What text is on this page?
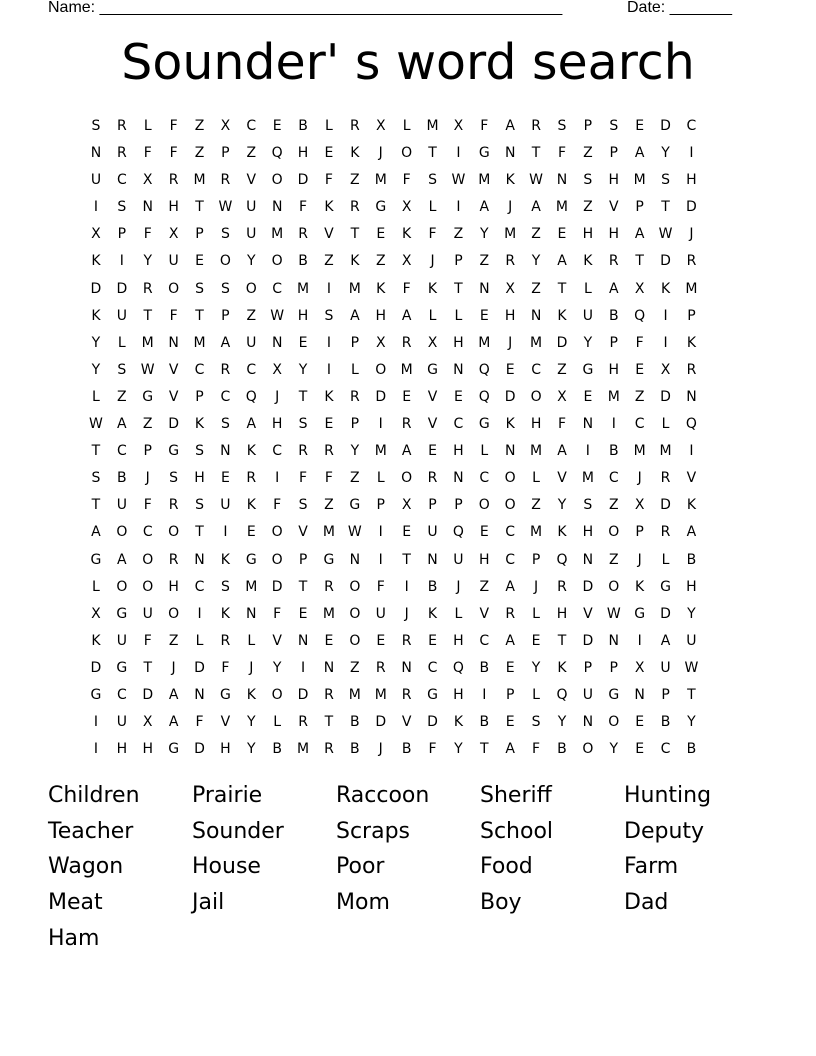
Name: ____________________________________________________	Date: _______
Sounder' s word search
S	R	L	F	Z	X	C	E	B	L	R	X	L	M	X	F	A	R	S	P	S	E	D	C
N	R	F	F	Z	P	Z	Q	H	E	K	J	O	T	I	G	N	T	F	Z	P	A	Y	I
U	C	X	R	M	R	V	O	D	F	Z	M	F	S	W M	K	W N	S	H	M	S	H
I	S	N	H	T	W U	N	F	K	R	G	X	L	I	A	J	A	M	Z	V	P	T	D
X	P	F	X	P	S	U	M	R	V	T	E	K	F	Z	Y	M	Z	E	H	H	A	W	J
K	I	Y	U	E	O	Y	O	B	Z	K	Z	X	J	P	Z	R	Y	A	K	R	T	D	R
D	D	R	O	S	S	O	C	M	I	M	K	F	K	T	N	X	Z	T	L	A	X	K	M
K	U	T	F	T	P	Z	W H	S	A	H	A	L	L	E	H	N	K	U	B	Q	I	P
Y	L	M	N	M	A	U	N	E	I	P	X	R	X	H	M	J	M	D	Y	P	F	I	K
Y	S	W	V	C	R	C	X	Y	I	L	O	M	G	N	Q	E	C	Z	G	H	E	X	R
L	Z	G	V	P	C	Q	J	T	K	R	D	E	V	E	Q	D	O	X	E	M	Z	D	N
W	A	Z	D	K	S	A	H	S	E	P	I	R	V	C	G	K	H	F	N	I	C	L	Q
T	C	P	G	S	N	K	C	R	R	Y	M	A	E	H	L	N	M	A	I	B	M M	I
S	B	J	S	H	E	R	I	F	F	Z	L	O	R	N	C	O	L	V	M	C	J	R	V
T	U	F	R	S	U	K	F	S	Z	G	P	X	P	P	O	O	Z	Y	S	Z	X	D	K
A	O	C	O	T	I	E	O	V	M W	I	E	U	Q	E	C	M	K	H	O	P	R	A
G	A	O	R	N	K	G	O	P	G	N	I	T	N	U	H	C	P	Q	N	Z	J	L	B
L	O	O	H	C	S	M	D	T	R	O	F	I	B	J	Z	A	J	R	D	O	K	G	H
X	G	U	O	I	K	N	F	E	M	O	U	J	K	L	V	R	L	H	V	W G	D	Y
K	U	F	Z	L	R	L	V	N	E	O	E	R	E	H	C	A	E	T	D	N	I	A	U
D	G	T	J	D	F	J	Y	I	N	Z	R	N	C	Q	B	E	Y	K	P	P	X	U W
G	C	D	A	N	G	K	O	D	R	M M	R	G	H	I	P	L	Q	U	G	N	P	T
I	U	X	A	F	V	Y	L	R	T	B	D	V	D	K	B	E	S	Y	N	O	E	B	Y
I	H	H	G	D	H	Y	B	M	R	B	J	B	F	Y	T	A	F	B	O	Y	E	C	B
Children	Prairie	Raccoon	Sheriff	Hunting
Teacher	Sounder	Scraps	School	Deputy
Wagon	House	Poor	Food	Farm
Meat	Jail	Mom	Boy	Dad
Ham
